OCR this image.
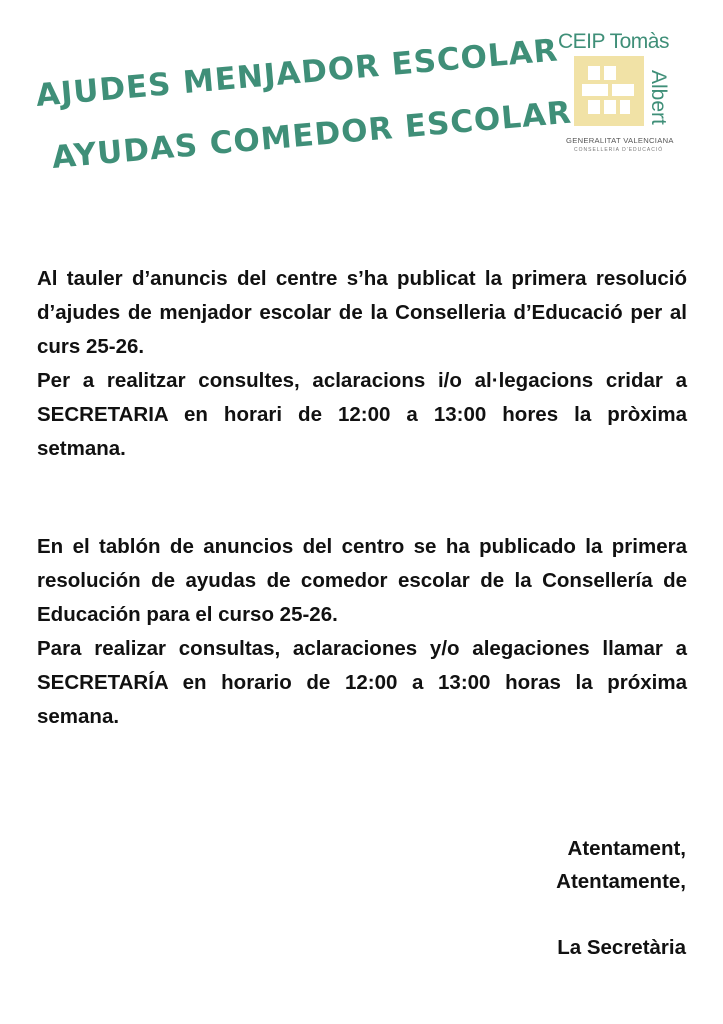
AJUDES MENJADOR ESCOLAR
AYUDAS COMEDOR ESCOLAR
CEIP Tomàs
Albert
GENERALITAT VALENCIANA
CONSELLERIA D'EDUCACIÓ

Al tauler d’anuncis del centre s’ha publicat la primera resolució d’ajudes de menjador escolar de la Conselleria d’Educació per al curs 25-26.

Per a realitzar consultes, aclaracions i/o al·legacions cridar a SECRETARIA en horari de 12:00 a 13:00 hores la pròxima setmana.

En el tablón de anuncios del centro se ha publicado la primera resolución de ayudas de comedor escolar de la Consellería de Educación para el curso 25-26.

Para realizar consultas, aclaraciones y/o alegaciones llamar a SECRETARÍA en horario de 12:00 a 13:00 horas la próxima semana.

Atentament,
Atentamente,
La Secretària
